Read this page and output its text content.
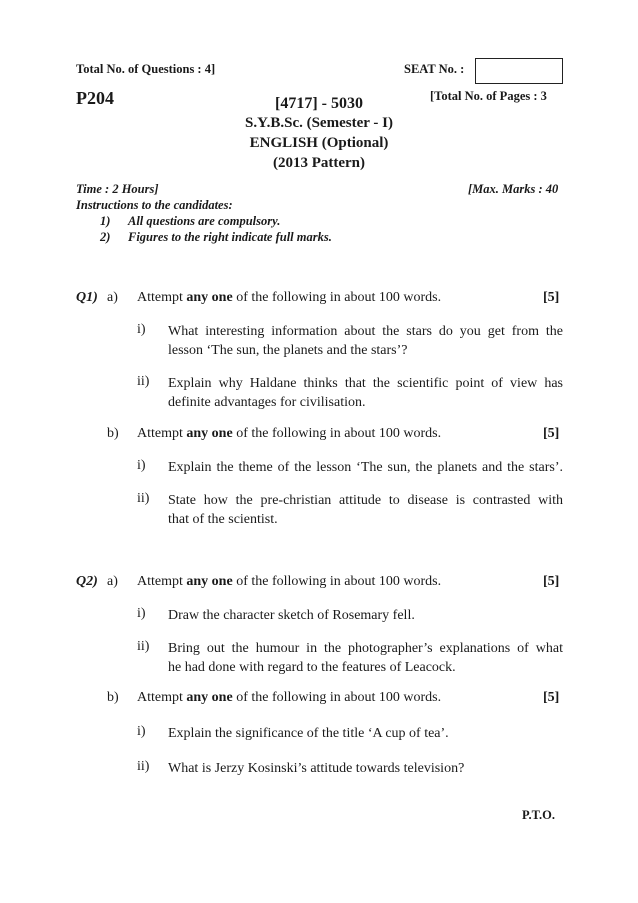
Total No. of Questions : 4]	SEAT No. :
P204	[Total No. of Pages : 3
[4717] - 5030
S.Y.B.Sc. (Semester - I)
ENGLISH (Optional)
(2013 Pattern)
Time : 2 Hours]	[Max. Marks : 40
Instructions to the candidates:
1) All questions are compulsory.
2) Figures to the right indicate full marks.
Q1) a) Attempt any one of the following in about 100 words.	[5]
i) What interesting information about the stars do you get from the
lesson ‘The sun, the planets and the stars’?
ii) Explain why Haldane thinks that the scientific point of view has
definite advantages for civilisation.
b) Attempt any one of the following in about 100 words.	[5]
i) Explain the theme of the lesson ‘The sun, the planets and the stars’.
ii) State how the pre-christian attitude to disease is contrasted with
that of the scientist.
Q2) a) Attempt any one of the following in about 100 words.	[5]
i) Draw the character sketch of Rosemary fell.
ii) Bring out the humour in the photographer’s explanations of what
he had done with regard to the features of Leacock.
b) Attempt any one of the following in about 100 words.	[5]
i) Explain the significance of the title ‘A cup of tea’.
ii) What is Jerzy Kosinski’s attitude towards television?
P.T.O.
